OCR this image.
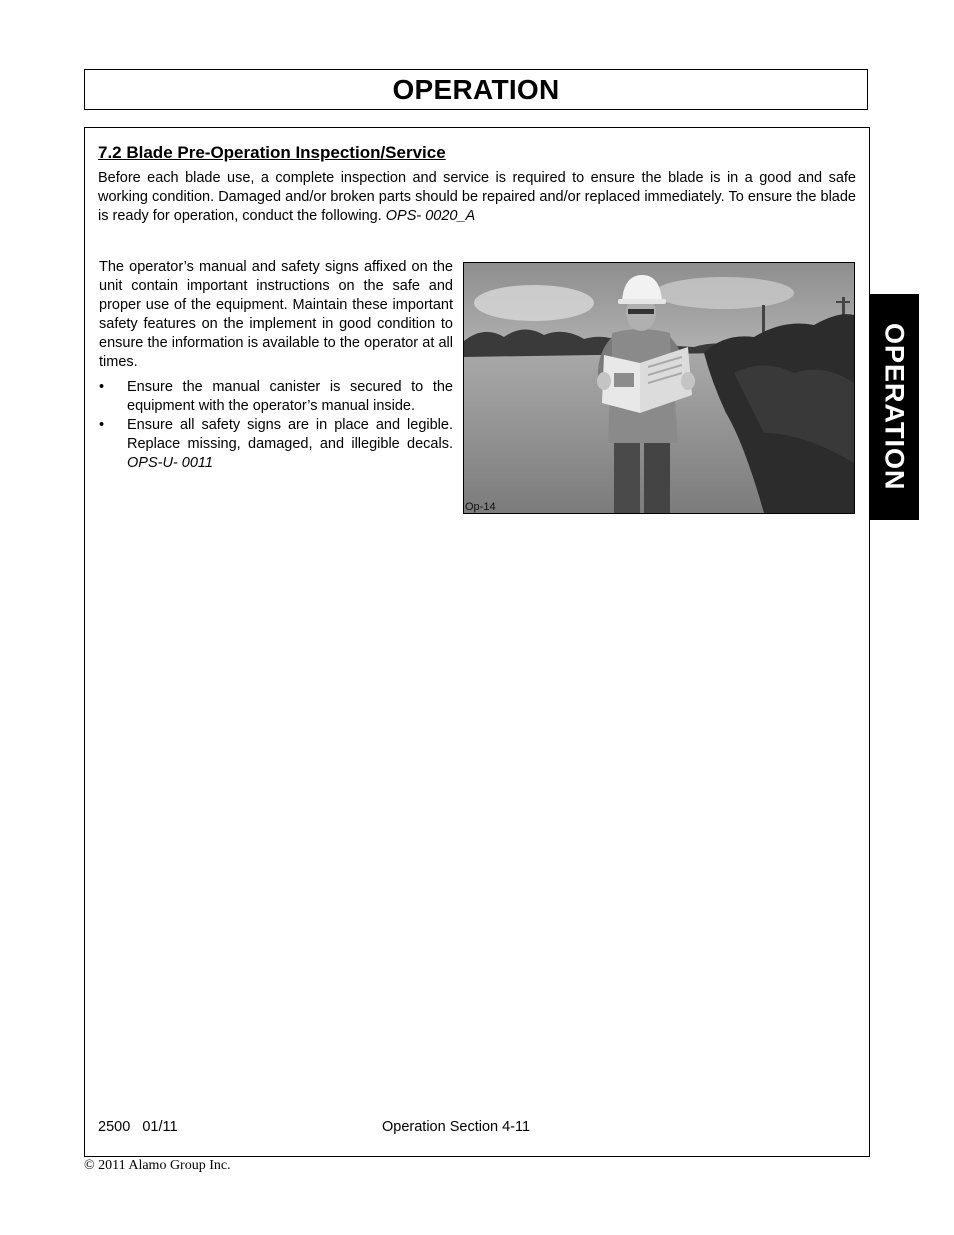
OPERATION
7.2 Blade Pre-Operation Inspection/Service

Before each blade use, a complete inspection and service is required to ensure the blade is in a good and safe working condition. Damaged and/or broken parts should be repaired and/or replaced immediately. To ensure the blade is ready for operation, conduct the following. OPS- 0020_A

The operator’s manual and safety signs affixed on the unit contain important instructions on the safe and proper use of the equipment. Maintain these important safety features on the implement in good condition to ensure the information is available to the operator at all times.

• Ensure the manual canister is secured to the equipment with the operator’s manual inside.
• Ensure all safety signs are in place and legible. Replace missing, damaged, and illegible decals. OPS-U- 0011
Op-14
OPERATION
2500   01/11	Operation Section 4-11
© 2011 Alamo Group Inc.
